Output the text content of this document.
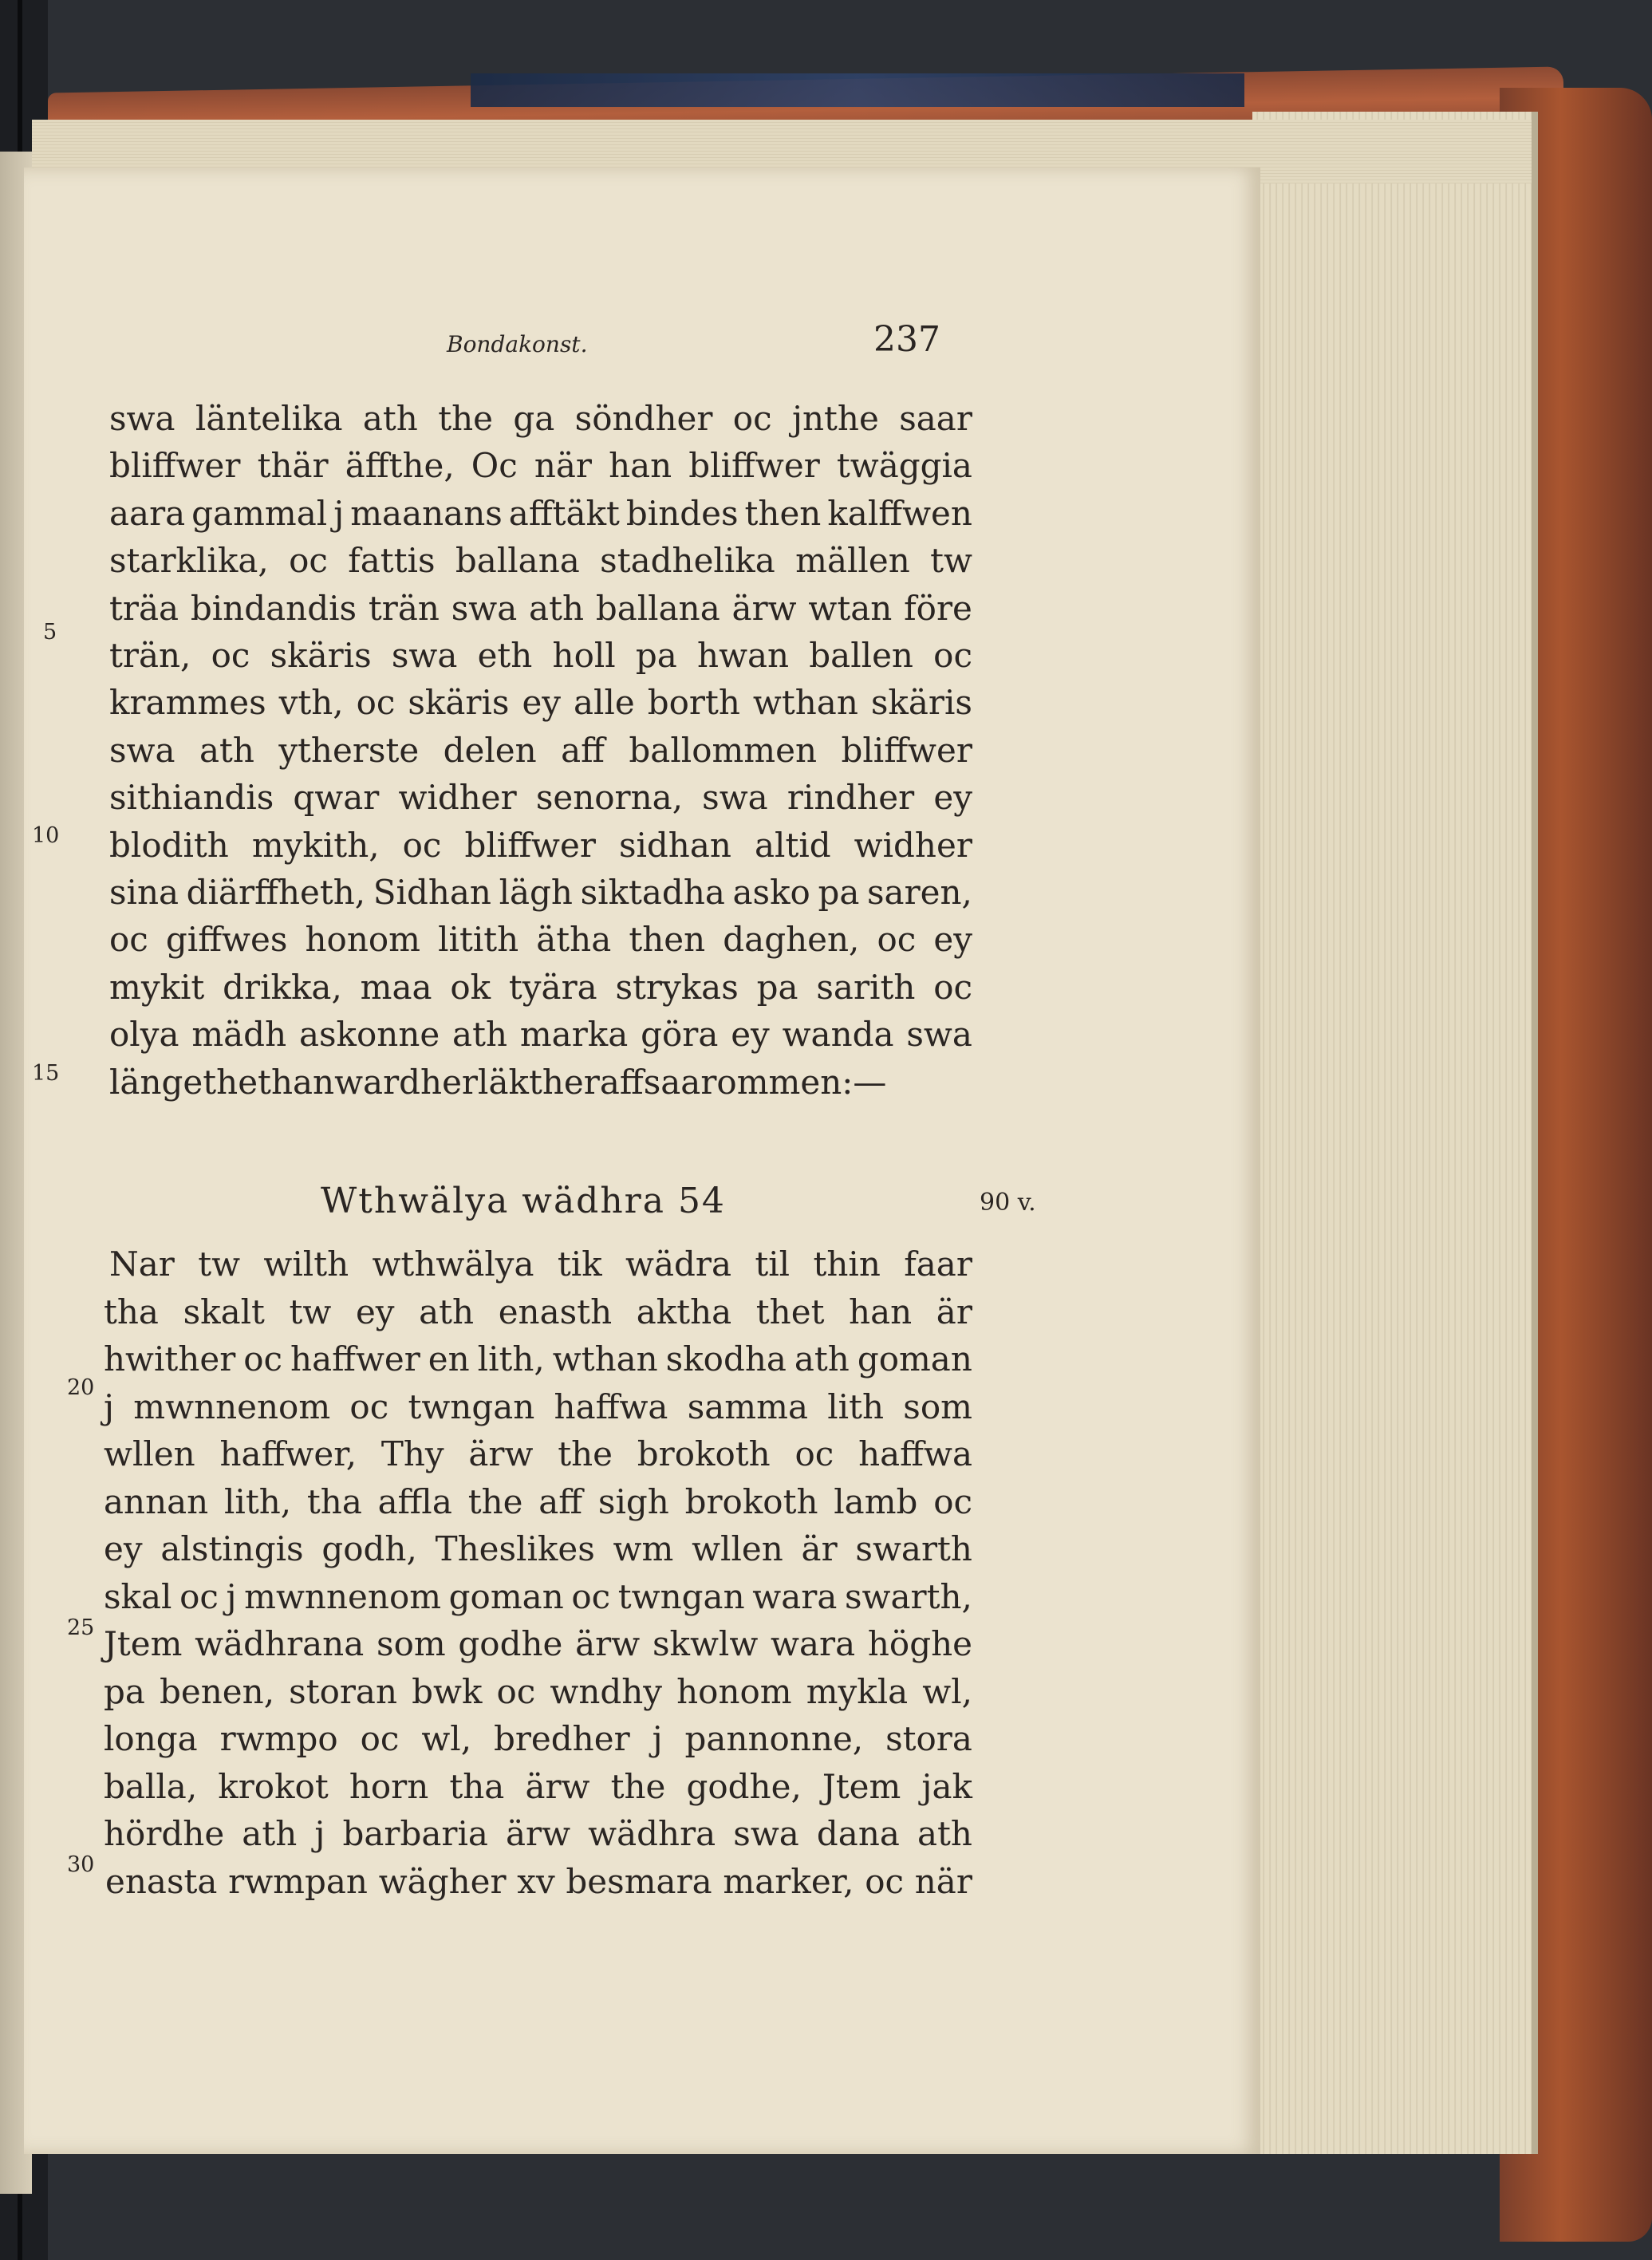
Bondakonst.	237
swa läntelika ath the ga söndher oc jnthe saar
bliffwer thär äffthe, Oc när han bliffwer twäggia
aara gammal j maanans afftäkt bindes then kalffwen
starklika, oc fattis ballana stadhelika mällen tw
träa bindandis trän swa ath ballana ärw wtan före
trän, oc skäris swa eth holl pa hwan ballen oc
krammes vth, oc skäris ey alle borth wthan skäris
swa ath ytherste delen aff ballommen bliffwer
sithiandis qwar widher senorna, swa rindher ey
blodith mykith, oc bliffwer sidhan altid widher
sina diärffheth, Sidhan lägh siktadha asko pa saren,
oc giffwes honom litith ätha then daghen, oc ey
mykit drikka, maa ok tyära strykas pa sarith oc
olya mädh askonne ath marka göra ey wanda swa
längethethanwardherläktheraffsaarommen:—
5
10
15
Wthwälya wädhra 54	90 v.
Nar tw wilth wthwälya tik wädra til thin faar
tha skalt tw ey ath enasth aktha thet han är
hwither oc haffwer en lith, wthan skodha ath goman
j mwnnenom oc twngan haffwa samma lith som
wllen haffwer, Thy ärw the brokoth oc haffwa
annan lith, tha affla the aff sigh brokoth lamb oc
ey alstingis godh, Theslikes wm wllen är swarth
skal oc j mwnnenom goman oc twngan wara swarth,
Jtem wädhrana som godhe ärw skwlw wara höghe
pa benen, storan bwk oc wndhy honom mykla wl,
longa rwmpo oc wl, bredher j pannonne, stora
balla, krokot horn tha ärw the godhe, Jtem jak
hördhe ath j barbaria ärw wädhra swa dana ath
enasta rwmpan wägher xv besmara marker, oc när
20
25
30
